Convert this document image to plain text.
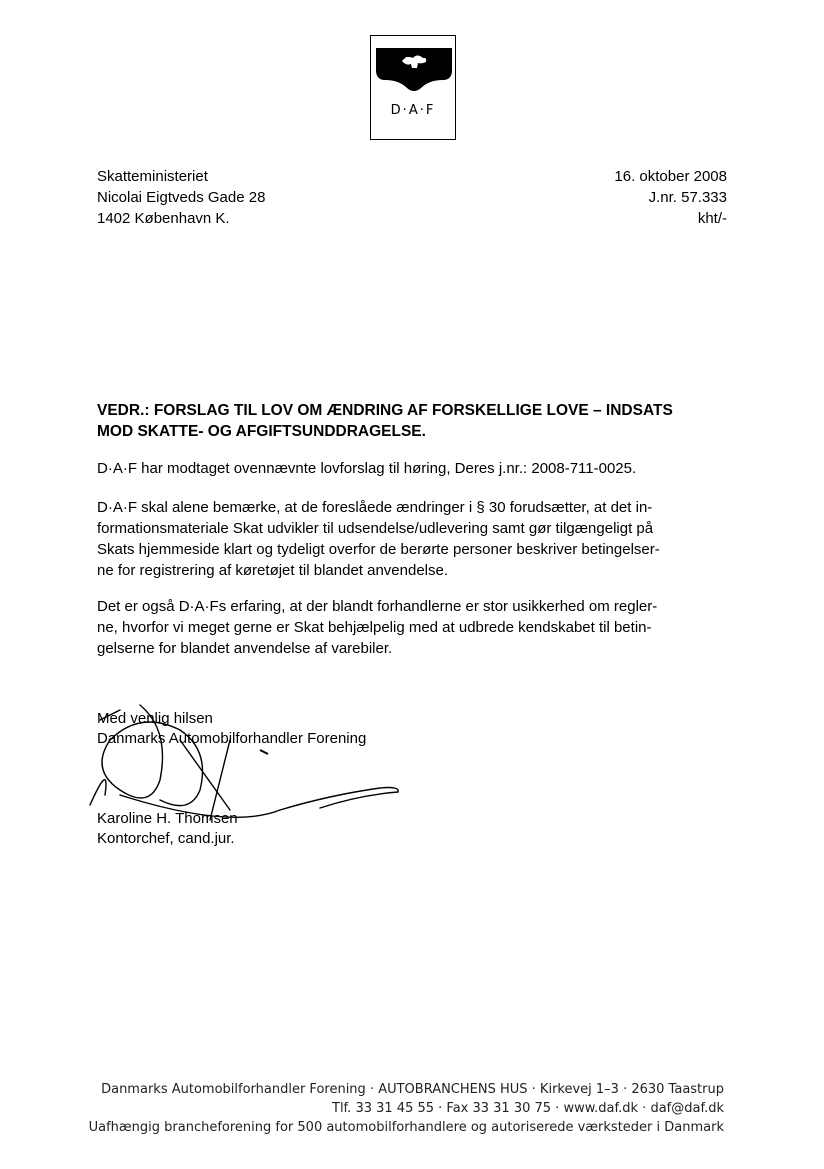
D·A·F
Skatteministeriet
Nicolai Eigtveds Gade 28
1402 København K.
16. oktober 2008
J.nr. 57.333
kht/-
VEDR.: FORSLAG TIL LOV OM ÆNDRING AF FORSKELLIGE LOVE – INDSATS
MOD SKATTE- OG AFGIFTSUNDDRAGELSE.
D·A·F har modtaget ovennævnte lovforslag til høring, Deres j.nr.: 2008-711-0025.
D·A·F skal alene bemærke, at de foreslåede ændringer i § 30 forudsætter, at det in-
formationsmateriale Skat udvikler til udsendelse/udlevering samt gør tilgængeligt på
Skats hjemmeside klart og tydeligt overfor de berørte personer beskriver betingelser-
ne for registrering af køretøjet til blandet anvendelse.
Det er også D·A·Fs erfaring, at der blandt forhandlerne er stor usikkerhed om regler-
ne, hvorfor vi meget gerne er Skat behjælpelig med at udbrede kendskabet til betin-
gelserne for blandet anvendelse af varebiler.
Med venlig hilsen
Danmarks Automobilforhandler Forening
Karoline H. Thomsen
Kontorchef, cand.jur.
Danmarks Automobilforhandler Forening · AUTOBRANCHENS HUS · Kirkevej 1–3 · 2630 Taastrup
Tlf. 33 31 45 55 · Fax 33 31 30 75 · www.daf.dk · daf@daf.dk
Uafhængig brancheforening for 500 automobilforhandlere og autoriserede værksteder i Danmark
